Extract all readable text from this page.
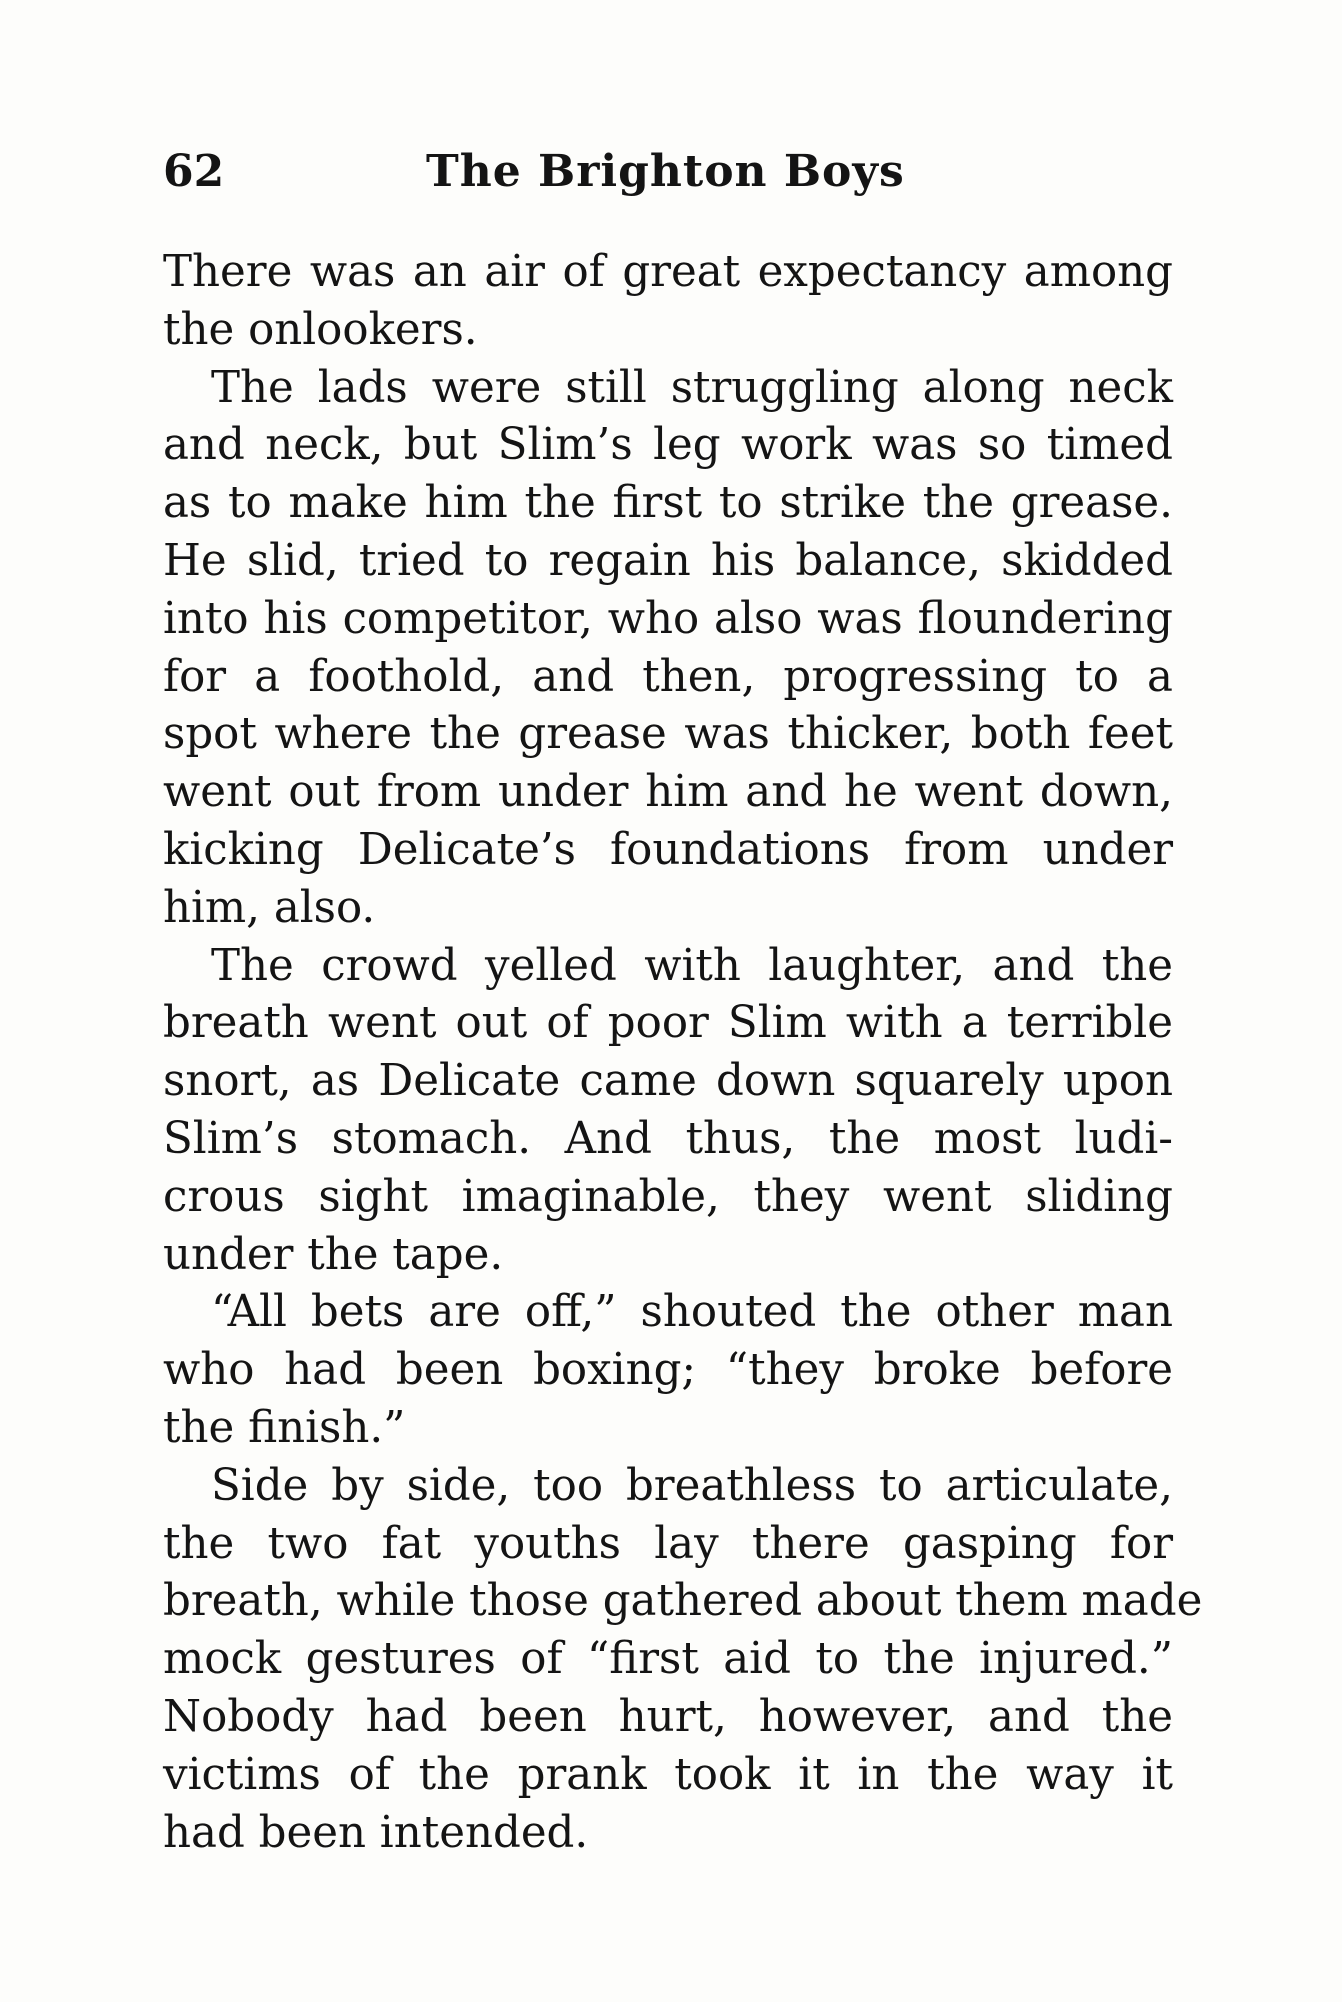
62	The Brighton Boys
There was an air of great expectancy among
the onlookers.
The lads were still struggling along neck
and neck, but Slim’s leg work was so timed
as to make him the first to strike the grease.
He slid, tried to regain his balance, skidded
into his competitor, who also was floundering
for a foothold, and then, progressing to a
spot where the grease was thicker, both feet
went out from under him and he went down,
kicking Delicate’s foundations from under
him, also.
The crowd yelled with laughter, and the
breath went out of poor Slim with a terrible
snort, as Delicate came down squarely upon
Slim’s stomach. And thus, the most ludi-
crous sight imaginable, they went sliding
under the tape.
“All bets are off,” shouted the other man
who had been boxing; “they broke before
the finish.”
Side by side, too breathless to articulate,
the two fat youths lay there gasping for
breath, while those gathered about them made
mock gestures of “first aid to the injured.”
Nobody had been hurt, however, and the
victims of the prank took it in the way it
had been intended.
